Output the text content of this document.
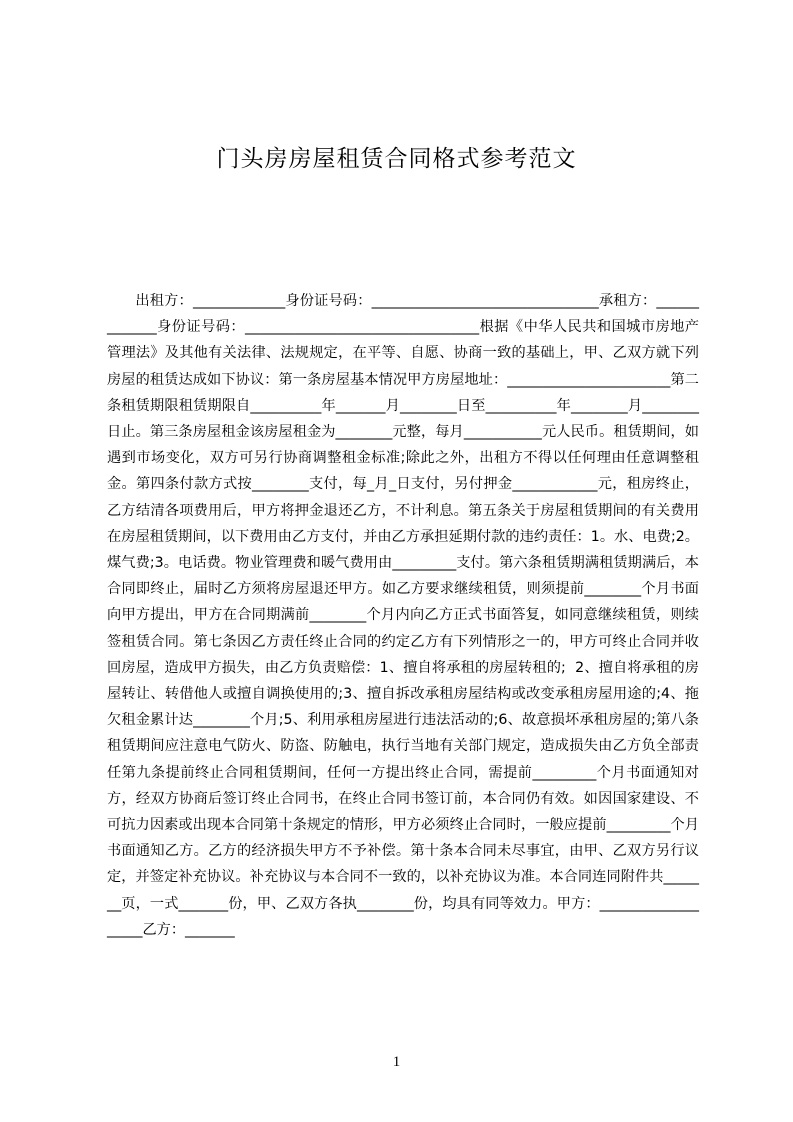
门头房房屋租赁合同格式参考范文
出租方：_____________身份证号码：________________________________承租方：_____________身份证号码：_________________________________根据《中华人民共和国城市房地产管理法》及其他有关法律、法规规定，在平等、自愿、协商一致的基础上，甲、乙双方就下列房屋的租赁达成如下协议：第一条房屋基本情况甲方房屋地址：_______________________第二条租赁期限租赁期限自__________年_______月________日至__________年________月________日止。第三条房屋租金该房屋租金为________元整，每月___________元人民币。租赁期间，如遇到市场变化，双方可另行协商调整租金标准;除此之外，出租方不得以任何理由任意调整租金。第四条付款方式按________支付，每_月_日支付，另付押金____________元，租房终止，乙方结清各项费用后，甲方将押金退还乙方，不计利息。第五条关于房屋租赁期间的有关费用在房屋租赁期间，以下费用由乙方支付，并由乙方承担延期付款的违约责任：1。水、电费;2。煤气费;3。电话费。物业管理费和暖气费用由_________支付。第六条租赁期满租赁期满后，本合同即终止，届时乙方须将房屋退还甲方。如乙方要求继续租赁，则须提前________个月书面向甲方提出，甲方在合同期满前________个月内向乙方正式书面答复，如同意继续租赁，则续签租赁合同。第七条因乙方责任终止合同的约定乙方有下列情形之一的，甲方可终止合同并收回房屋，造成甲方损失，由乙方负责赔偿：1、擅自将承租的房屋转租的;  2、擅自将承租的房屋转让、转借他人或擅自调换使用的;3、擅自拆改承租房屋结构或改变承租房屋用途的;4、拖欠租金累计达________个月;5、利用承租房屋进行违法活动的;6、故意损坏承租房屋的;第八条租赁期间应注意电气防火、防盗、防触电，执行当地有关部门规定，造成损失由乙方负全部责任第九条提前终止合同租赁期间，任何一方提出终止合同，需提前_________个月书面通知对方，经双方协商后签订终止合同书，在终止合同书签订前，本合同仍有效。如因国家建设、不可抗力因素或出现本合同第十条规定的情形，甲方必须终止合同时，一般应提前_________个月书面通知乙方。乙方的经济损失甲方不予补偿。第十条本合同未尽事宜，由甲、乙双方另行议定，并签定补充协议。补充协议与本合同不一致的，以补充协议为准。本合同连同附件共_______页，一式_______份，甲、乙双方各执________份，均具有同等效力。甲方：___________________乙方：_______
1
